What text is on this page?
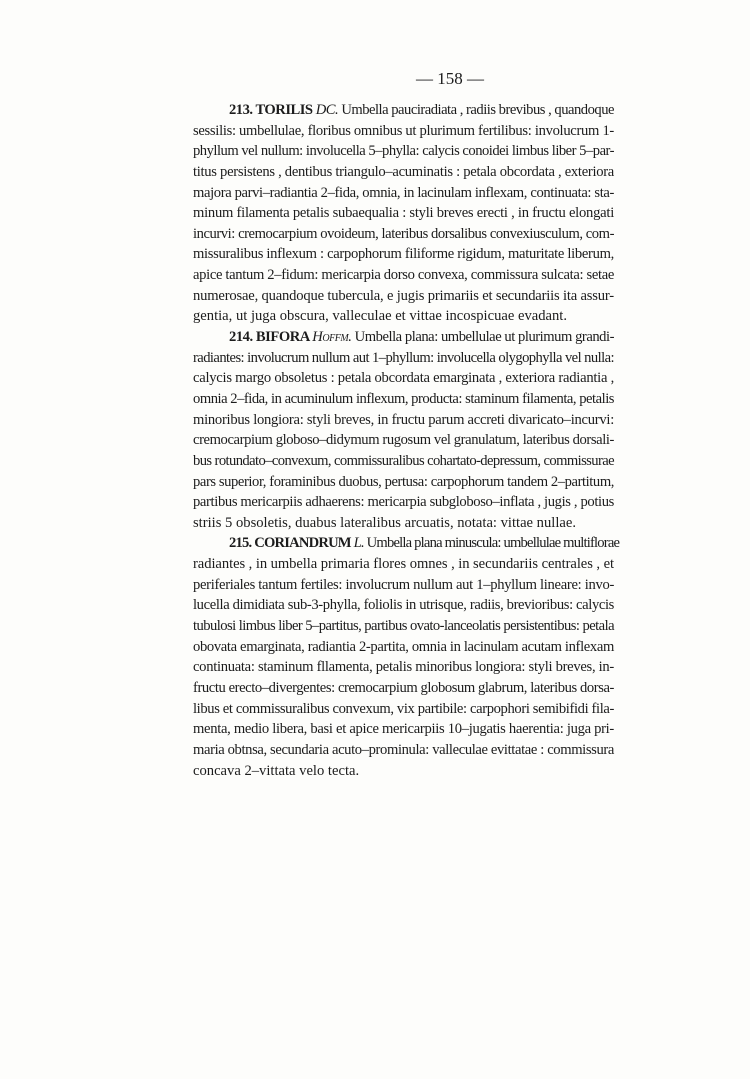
— 158 —
213. TORILIS DC. Umbella pauciradiata , radiis brevibus , quandoque
sessilis: umbellulae, floribus omnibus ut plurimum fertilibus: involucrum 1-
phyllum vel nullum: involucella 5–phylla: calycis conoidei limbus liber 5–par-
titus persistens , dentibus triangulo–acuminatis : petala obcordata , exteriora
majora parvi–radiantia 2–fida, omnia, in lacinulam inflexam, continuata: sta-
minum filamenta petalis subaequalia : styli breves erecti , in fructu elongati
incurvi: cremocarpium ovoideum, lateribus dorsalibus convexiusculum, com-
missuralibus inflexum : carpophorum filiforme rigidum, maturitate liberum,
apice tantum 2–fidum: mericarpia dorso convexa, commissura sulcata: setae
numerosae, quandoque tubercula, e jugis primariis et secundariis ita assur-
gentia, ut juga obscura, valleculae et vittae incospicuae evadant.
214. BIFORA Hoffm. Umbella plana: umbellulae ut plurimum grandi-
radiantes: involucrum nullum aut 1–phyllum: involucella olygophylla vel nulla:
calycis margo obsoletus : petala obcordata emarginata , exteriora radiantia ,
omnia 2–fida, in acuminulum inflexum, producta: staminum filamenta, petalis
minoribus longiora: styli breves, in fructu parum accreti divaricato–incurvi:
cremocarpium globoso–didymum rugosum vel granulatum, lateribus dorsali-
bus rotundato–convexum, commissuralibus cohartato-depressum, commissurae
pars superior, foraminibus duobus, pertusa: carpophorum tandem 2–partitum,
partibus mericarpiis adhaerens: mericarpia subgloboso–inflata , jugis , potius
striis 5 obsoletis, duabus lateralibus arcuatis, notata: vittae nullae.
215. CORIANDRUM L. Umbella plana minuscula: umbellulae multiflorae
radiantes , in umbella primaria flores omnes , in secundariis centrales , et
periferiales tantum fertiles: involucrum nullum aut 1–phyllum lineare: invo-
lucella dimidiata sub-3-phylla, foliolis in utrisque, radiis, brevioribus: calycis
tubulosi limbus liber 5–partitus, partibus ovato-lanceolatis persistentibus: petala
obovata emarginata, radiantia 2-partita, omnia in lacinulam acutam inflexam
continuata: staminum fllamenta, petalis minoribus longiora: styli breves, in-
fructu erecto–divergentes: cremocarpium globosum glabrum, lateribus dorsa-
libus et commissuralibus convexum, vix partibile: carpophori semibifidi fila-
menta, medio libera, basi et apice mericarpiis 10–jugatis haerentia: juga pri-
maria obtnsa, secundaria acuto–prominula: valleculae evittatae : commissura
concava 2–vittata velo tecta.
